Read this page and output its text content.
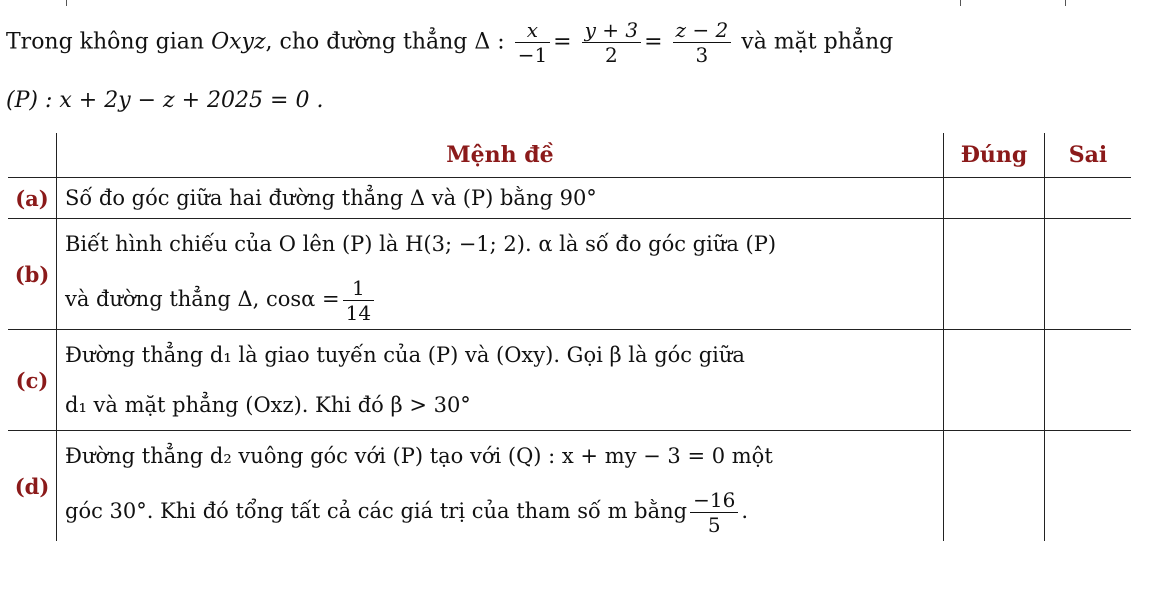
Trong không gian Oxyz, cho đường thẳng Δ : $\frac{x}{-1} = \frac{y + 3}{2} = \frac{z - 2}{3}$ và mặt phẳng
(P) : x + 2y − z + 2025 = 0 .
	Mệnh đề	Đúng	Sai
(a)	Số đo góc giữa hai đường thẳng Δ và (P) bằng 90°		

(b)	Biết hình chiếu của O lên (P) là H(3; −1; 2). α là số đo góc giữa (P)
và đường thẳng Δ, $\cos\alpha = \frac{1}{14}$

(c)	Đường thẳng d₁ là giao tuyến của (P) và (Oxy). Gọi β là góc giữa
d₁ và mặt phẳng (Oxz). Khi đó β > 30°		

(d)	Đường thẳng d₂ vuông góc với (P) tạo với (Q) : x + my − 3 = 0 một
góc 30°. Khi đó tổng tất cả các giá trị của tham số m bằng $\frac{-16}{5}$ .		
